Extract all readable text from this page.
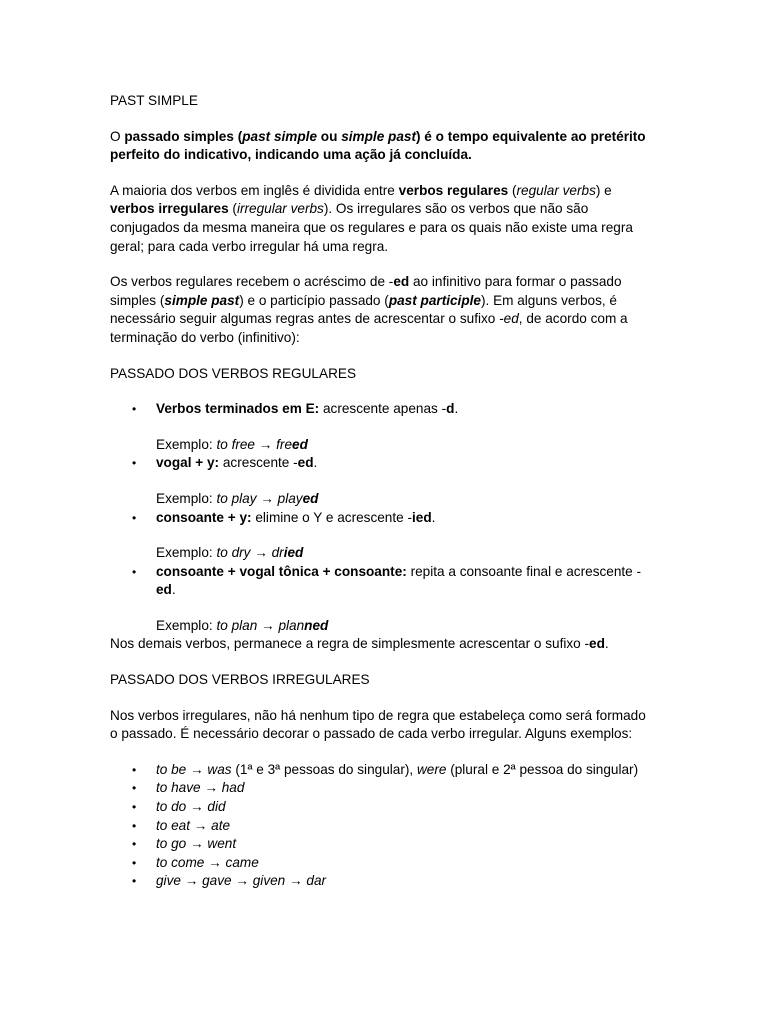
PAST SIMPLE

O passado simples (past simple ou simple past) é o tempo equivalente ao pretérito perfeito do indicativo, indicando uma ação já concluída.

A maioria dos verbos em inglês é dividida entre verbos regulares (regular verbs) e verbos irregulares (irregular verbs). Os irregulares são os verbos que não são conjugados da mesma maneira que os regulares e para os quais não existe uma regra geral; para cada verbo irregular há uma regra.

Os verbos regulares recebem o acréscimo de -ed ao infinitivo para formar o passado simples (simple past) e o particípio passado (past participle). Em alguns verbos, é necessário seguir algumas regras antes de acrescentar o sufixo -ed, de acordo com a terminação do verbo (infinitivo):

PASSADO DOS VERBOS REGULARES

• Verbos terminados em E: acrescente apenas -d.

Exemplo: to free → freed

• vogal + y: acrescente -ed.

Exemplo: to play → played

• consoante + y: elimine o Y e acrescente -ied.

Exemplo: to dry → dried

• consoante + vogal tônica + consoante: repita a consoante final e acrescente -ed.

Exemplo: to plan → planned

Nos demais verbos, permanece a regra de simplesmente acrescentar o sufixo -ed.

PASSADO DOS VERBOS IRREGULARES

Nos verbos irregulares, não há nenhum tipo de regra que estabeleça como será formado o passado. É necessário decorar o passado de cada verbo irregular. Alguns exemplos:

• to be → was (1ª e 3ª pessoas do singular), were (plural e 2ª pessoa do singular)
• to have → had
• to do → did
• to eat → ate
• to go → went
• to come → came
• give → gave → given → dar
